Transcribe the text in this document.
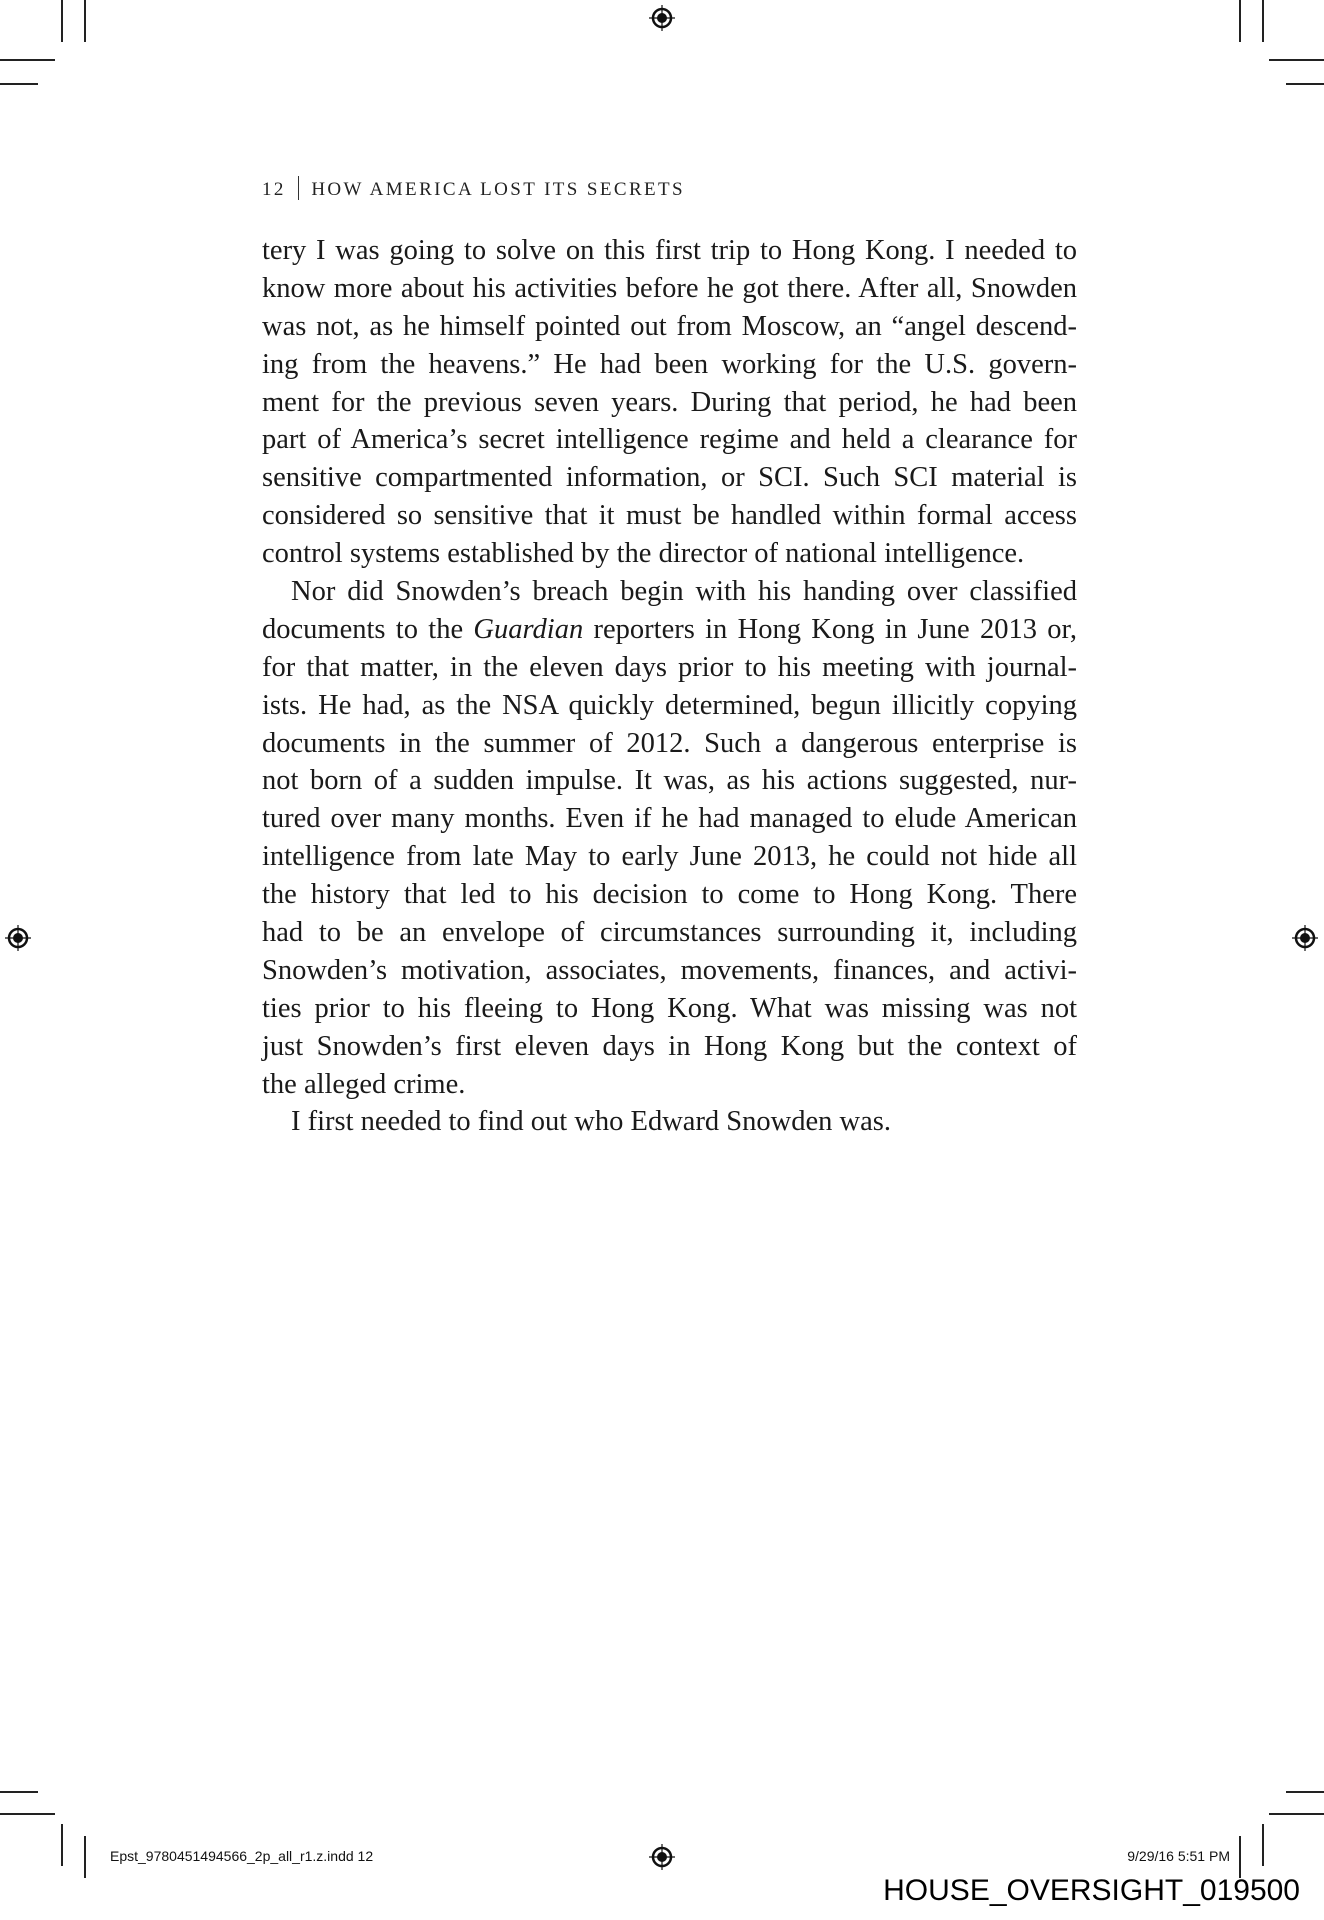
12 HOW AMERICA LOST ITS SECRETS
tery I was going to solve on this first trip to Hong Kong. I needed to
know more about his activities before he got there. After all, Snowden
was not, as he himself pointed out from Moscow, an “angel descend-
ing from the heavens.” He had been working for the U.S. govern-
ment for the previous seven years. During that period, he had been
part of America’s secret intelligence regime and held a clearance for
sensitive compartmented information, or SCI. Such SCI material is
considered so sensitive that it must be handled within formal access
control systems established by the director of national intelligence.
Nor did Snowden’s breach begin with his handing over classified
documents to the Guardian reporters in Hong Kong in June 2013 or,
for that matter, in the eleven days prior to his meeting with journal-
ists. He had, as the NSA quickly determined, begun illicitly copying
documents in the summer of 2012. Such a dangerous enterprise is
not born of a sudden impulse. It was, as his actions suggested, nur-
tured over many months. Even if he had managed to elude American
intelligence from late May to early June 2013, he could not hide all
the history that led to his decision to come to Hong Kong. There
had to be an envelope of circumstances surrounding it, including
Snowden’s motivation, associates, movements, finances, and activi-
ties prior to his fleeing to Hong Kong. What was missing was not
just Snowden’s first eleven days in Hong Kong but the context of
the alleged crime.
I first needed to find out who Edward Snowden was.
Epst_9780451494566_2p_all_r1.z.indd 12	9/29/16 5:51 PM
HOUSE_OVERSIGHT_019500
